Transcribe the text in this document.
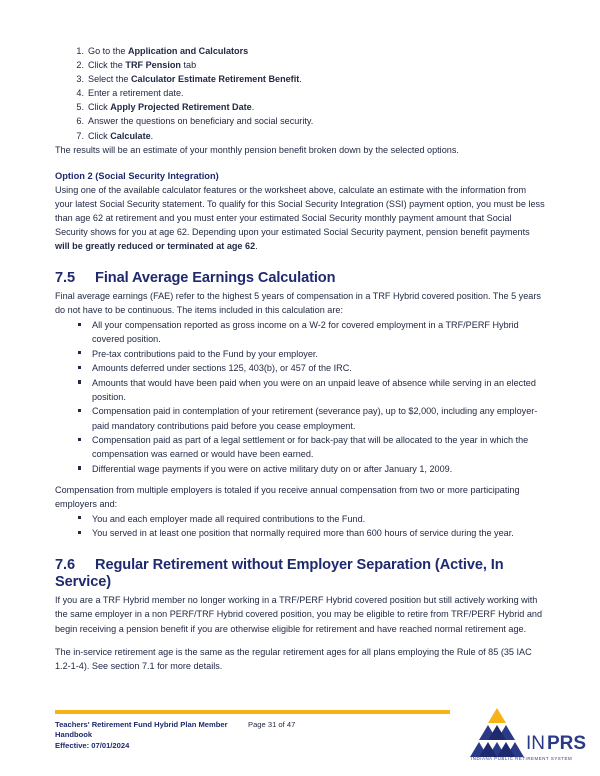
1. Go to the Application and Calculators
2. Click the TRF Pension tab
3. Select the Calculator Estimate Retirement Benefit.
4. Enter a retirement date.
5. Click Apply Projected Retirement Date.
6. Answer the questions on beneficiary and social security.
7. Click Calculate.

The results will be an estimate of your monthly pension benefit broken down by the selected options.

Option 2 (Social Security Integration)

Using one of the available calculator features or the worksheet above, calculate an estimate with the information from your latest Social Security statement. To qualify for this Social Security Integration (SSI) payment option, you must be less than age 62 at retirement and you must enter your estimated Social Security monthly payment amount that Social Security shows for you at age 62. Depending upon your estimated Social Security payment, pension benefit payments will be greatly reduced or terminated at age 62.

7.5 Final Average Earnings Calculation

Final average earnings (FAE) refer to the highest 5 years of compensation in a TRF Hybrid covered position. The 5 years do not have to be continuous. The items included in this calculation are:

All your compensation reported as gross income on a W-2 for covered employment in a TRF/PERF Hybrid covered position.
Pre-tax contributions paid to the Fund by your employer.
Amounts deferred under sections 125, 403(b), or 457 of the IRC.
Amounts that would have been paid when you were on an unpaid leave of absence while serving in an elected position.
Compensation paid in contemplation of your retirement (severance pay), up to $2,000, including any employer-paid mandatory contributions paid before you cease employment.
Compensation paid as part of a legal settlement or for back-pay that will be allocated to the year in which the compensation was earned or would have been earned.
Differential wage payments if you were on active military duty on or after January 1, 2009.

Compensation from multiple employers is totaled if you receive annual compensation from two or more participating employers and:

You and each employer made all required contributions to the Fund.
You served in at least one position that normally required more than 600 hours of service during the year.
7.6 Regular Retirement without Employer Separation (Active, In Service)

If you are a TRF Hybrid member no longer working in a TRF/PERF Hybrid covered position but still actively working with the same employer in a non PERF/TRF Hybrid covered position, you may be eligible to retire from TRF/PERF Hybrid and begin receiving a pension benefit if you are otherwise eligible for retirement and have reached normal retirement age.

The in-service retirement age is the same as the regular retirement ages for all plans employing the Rule of 85 (35 IAC 1.2-1-4). See section 7.1 for more details.

Teachers' Retirement Fund Hybrid Plan Member Handbook
Effective: 07/01/2024Page 31 of 47
IN PRS
INDIANA PUBLIC RETIREMENT SYSTEM
